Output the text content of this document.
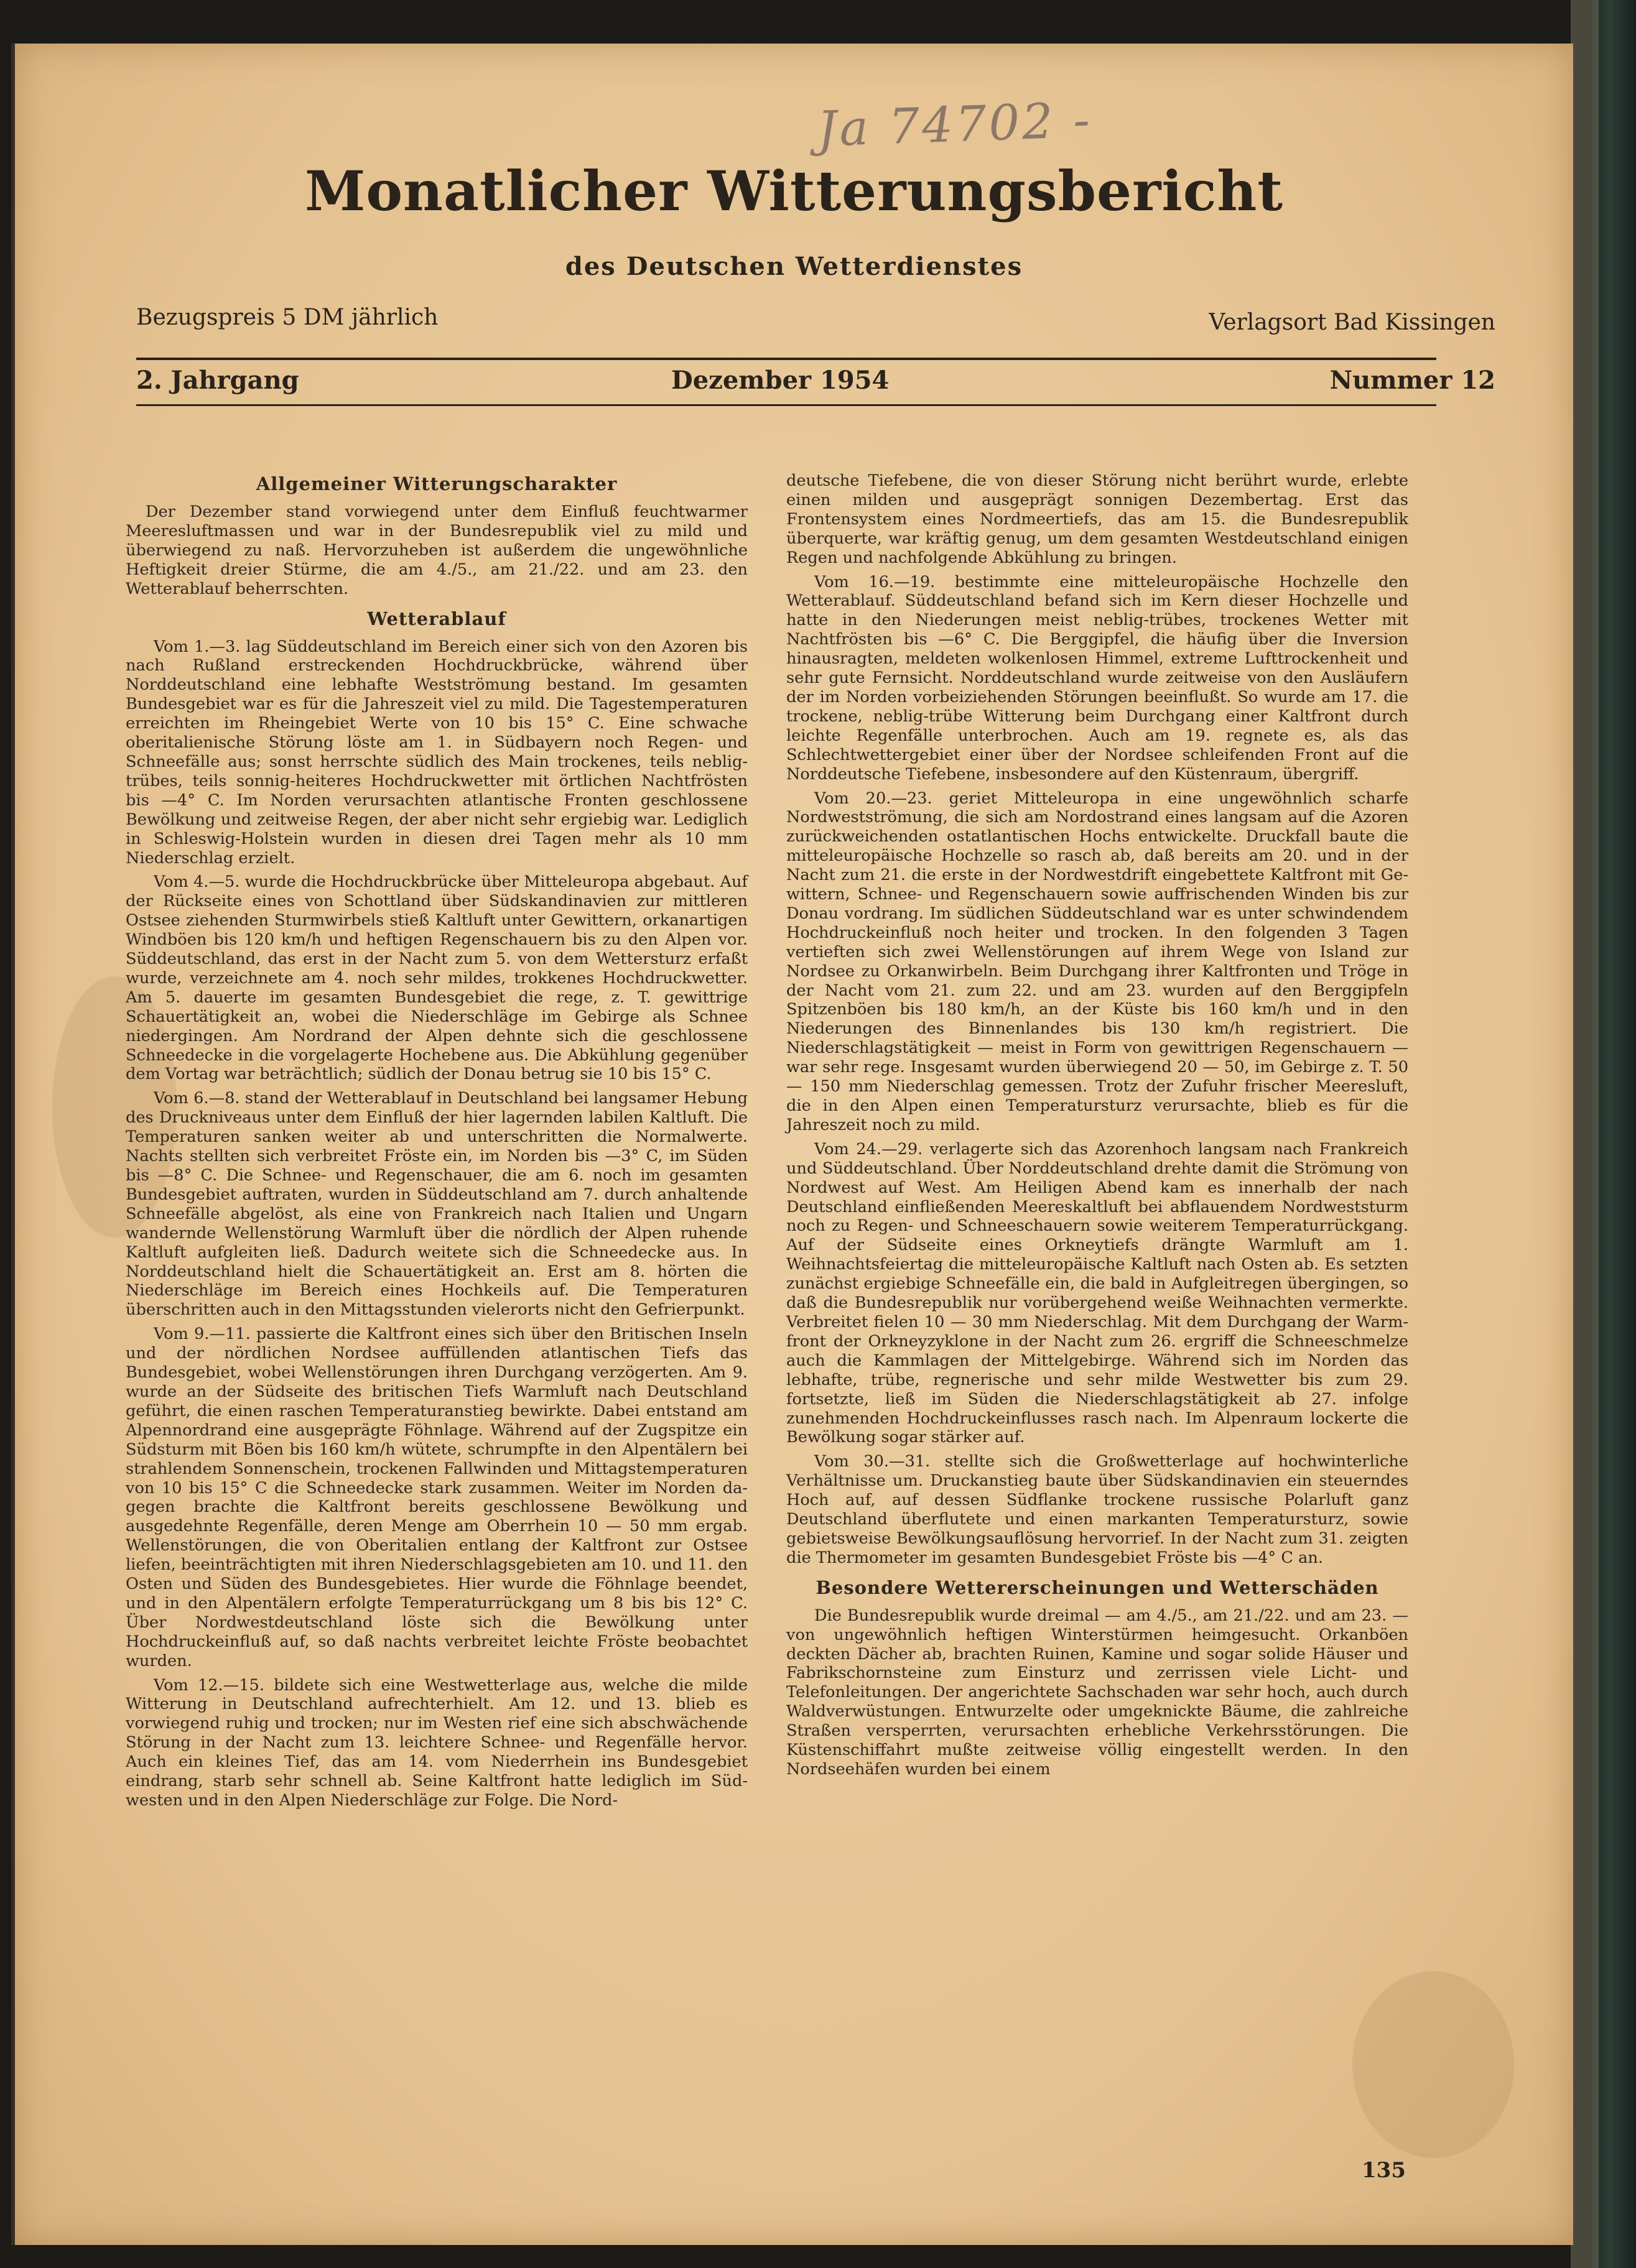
Ja 74702 -
Monatlicher Witterungsbericht
des Deutschen Wetterdienstes
Bezugspreis 5 DM jährlich	Verlagsort Bad Kissingen
2. Jahrgang	Dezember 1954	Nummer 12
Allgemeiner Witterungscharakter

Der Dezember stand vorwiegend unter dem Einfluß feuchtwarmer Meeresluftmassen und war in der Bundesrepublik viel zu mild und überwiegend zu naß. Hervorzuheben ist außerdem die ungewöhnliche Heftigkeit dreier Stürme, die am 4./5., am 21./22. und am 23. den Wetterablauf beherrschten.

Wetterablauf

Vom 1.—3. lag Süddeutschland im Bereich einer sich von den Azoren bis nach Rußland erstreckenden Hochdruckbrücke, während über Norddeutschland eine lebhafte Westströmung bestand. Im gesamten Bundesgebiet war es für die Jahreszeit viel zu mild. Die Tagestemperaturen erreichten im Rheingebiet Werte von 10 bis 15° C. Eine schwache oberitalienische Störung löste am 1. in Südbayern noch Regen- und Schneefälle aus; sonst herrschte südlich des Main trockenes, teils neblig-trübes, teils sonnig-heiteres Hochdruckwetter mit örtlichen Nachtfrösten bis —4° C. Im Norden verursachten atlantische Fronten geschlossene Bewölkung und zeitweise Regen, der aber nicht sehr ergiebig war. Lediglich in Schleswig-Holstein wurden in diesen drei Tagen mehr als 10 mm Niederschlag erzielt.

Vom 4.—5. wurde die Hochdruckbrücke über Mitteleuropa abgebaut. Auf der Rückseite eines von Schottland über Südskandinavien zur mittleren Ostsee ziehenden Sturmwirbels stieß Kaltluft unter Gewittern, orkanartigen Windböen bis 120 km/h und heftigen Regenschauern bis zu den Alpen vor. Süddeutschland, das erst in der Nacht zum 5. von dem Wettersturz erfaßt wurde, verzeichnete am 4. noch sehr mildes, trokkenes Hochdruckwetter. Am 5. dauerte im gesamten Bundesgebiet die rege, z. T. gewittrige Schauertätigkeit an, wobei die Niederschläge im Gebirge als Schnee niedergingen. Am Nordrand der Alpen dehnte sich die geschlossene Schneedecke in die vorgelagerte Hochebene aus. Die Abkühlung gegenüber dem Vortag war beträchtlich; südlich der Donau betrug sie 10 bis 15° C.

Vom 6.—8. stand der Wetterablauf in Deutschland bei langsamer Hebung des Druckniveaus unter dem Einfluß der hier lagernden labilen Kaltluft. Die Temperaturen sanken weiter ab und unterschritten die Normalwerte. Nachts stellten sich verbreitet Fröste ein, im Norden bis —3° C, im Süden bis —8° C. Die Schnee- und Regenschauer, die am 6. noch im gesamten Bundesgebiet auftraten, wurden in Süddeutschland am 7. durch anhaltende Schneefälle abgelöst, als eine von Frankreich nach Italien und Ungarn wandernde Wellenstörung Warmluft über die nördlich der Alpen ruhende Kaltluft aufgleiten ließ. Dadurch weitete sich die Schneedecke aus. In Norddeutschland hielt die Schauertätigkeit an. Erst am 8. hörten die Niederschläge im Bereich eines Hochkeils auf. Die Temperaturen überschritten auch in den Mittagsstunden vielerorts nicht den Gefrierpunkt.

Vom 9.—11. passierte die Kaltfront eines sich über den Britischen Inseln und der nördlichen Nordsee auffüllenden atlantischen Tiefs das Bundesgebiet, wobei Wellenstörungen ihren Durchgang verzögerten. Am 9. wurde an der Südseite des britischen Tiefs Warmluft nach Deutschland geführt, die einen raschen Temperaturanstieg bewirkte. Dabei entstand am Alpennordrand eine ausgeprägte Föhnlage. Während auf der Zugspitze ein Südsturm mit Böen bis 160 km/h wütete, schrumpfte in den Alpentälern bei strahlendem Sonnenschein, trockenen Fallwinden und Mittagstemperaturen von 10 bis 15° C die Schneedecke stark zusammen. Weiter im Norden dagegen brachte die Kaltfront bereits geschlossene Bewölkung und ausgedehnte Regenfälle, deren Menge am Oberrhein 10 — 50 mm ergab. Wellenstörungen, die von Oberitalien entlang der Kaltfront zur Ostsee liefen, beeinträchtigten mit ihren Niederschlagsgebieten am 10. und 11. den Osten und Süden des Bundesgebietes. Hier wurde die Föhnlage beendet, und in den Alpentälern erfolgte Temperaturrückgang um 8 bis bis 12° C. Über Nordwestdeutschland löste sich die Bewölkung unter Hochdruckeinfluß auf, so daß nachts verbreitet leichte Fröste beobachtet wurden.

Vom 12.—15. bildete sich eine Westwetterlage aus, welche die milde Witterung in Deutschland aufrechterhielt. Am 12. und 13. blieb es vorwiegend ruhig und trocken; nur im Westen rief eine sich abschwächende Störung in der Nacht zum 13. leichtere Schnee- und Regenfälle hervor. Auch ein kleines Tief, das am 14. vom Niederrhein ins Bundesgebiet eindrang, starb sehr schnell ab. Seine Kaltfront hatte lediglich im Südwesten und in den Alpen Niederschläge zur Folge. Die Nord-

deutsche Tiefebene, die von dieser Störung nicht berührt wurde, erlebte einen milden und ausgeprägt sonnigen Dezembertag. Erst das Frontensystem eines Nordmeertiefs, das am 15. die Bundesrepublik überquerte, war kräftig genug, um dem gesamten Westdeutschland einigen Regen und nachfolgende Abkühlung zu bringen.

Vom 16.—19. bestimmte eine mitteleuropäische Hochzelle den Wetterablauf. Süddeutschland befand sich im Kern dieser Hochzelle und hatte in den Niederungen meist neblig-trübes, trockenes Wetter mit Nachtfrösten bis —6° C. Die Berggipfel, die häufig über die Inversion hinausragten, meldeten wolkenlosen Himmel, extreme Lufttrockenheit und sehr gute Fernsicht. Norddeutschland wurde zeitweise von den Ausläufern der im Norden vorbeiziehenden Störungen beeinflußt. So wurde am 17. die trockene, neblig-trübe Witterung beim Durchgang einer Kaltfront durch leichte Regenfälle unterbrochen. Auch am 19. regnete es, als das Schlechtwettergebiet einer über der Nordsee schleifenden Front auf die Norddeutsche Tiefebene, insbesondere auf den Küstenraum, übergriff.

Vom 20.—23. geriet Mitteleuropa in eine ungewöhnlich scharfe Nordwestströmung, die sich am Nordostrand eines langsam auf die Azoren zurückweichenden ostatlantischen Hochs entwickelte. Druckfall baute die mitteleuropäische Hochzelle so rasch ab, daß bereits am 20. und in der Nacht zum 21. die erste in der Nordwestdrift eingebettete Kaltfront mit Gewittern, Schnee- und Regenschauern sowie auffrischenden Winden bis zur Donau vordrang. Im südlichen Süddeutschland war es unter schwindendem Hochdruckeinfluß noch heiter und trocken. In den folgenden 3 Tagen vertieften sich zwei Wellenstörungen auf ihrem Wege von Island zur Nordsee zu Orkanwirbeln. Beim Durchgang ihrer Kaltfronten und Tröge in der Nacht vom 21. zum 22. und am 23. wurden auf den Berggipfeln Spitzenböen bis 180 km/h, an der Küste bis 160 km/h und in den Niederungen des Binnenlandes bis 130 km/h registriert. Die Niederschlagstätigkeit — meist in Form von gewittrigen Regenschauern — war sehr rege. Insgesamt wurden überwiegend 20 — 50, im Gebirge z. T. 50 — 150 mm Niederschlag gemessen. Trotz der Zufuhr frischer Meeresluft, die in den Alpen einen Temperatursturz verursachte, blieb es für die Jahreszeit noch zu mild.

Vom 24.—29. verlagerte sich das Azorenhoch langsam nach Frankreich und Süddeutschland. Über Norddeutschland drehte damit die Strömung von Nordwest auf West. Am Heiligen Abend kam es innerhalb der nach Deutschland einfließenden Meereskaltluft bei abflauendem Nordweststurm noch zu Regen- und Schneeschauern sowie weiterem Temperaturrückgang. Auf der Südseite eines Orkneytiefs drängte Warmluft am 1. Weihnachtsfeiertag die mitteleuropäische Kaltluft nach Osten ab. Es setzten zunächst ergiebige Schneefälle ein, die bald in Aufgleitregen übergingen, so daß die Bundesrepublik nur vorübergehend weiße Weihnachten vermerkte. Verbreitet fielen 10 — 30 mm Niederschlag. Mit dem Durchgang der Warmfront der Orkneyzyklone in der Nacht zum 26. ergriff die Schneeschmelze auch die Kammlagen der Mittelgebirge. Während sich im Norden das lebhafte, trübe, regnerische und sehr milde Westwetter bis zum 29. fortsetzte, ließ im Süden die Niederschlagstätigkeit ab 27. infolge zunehmenden Hochdruckeinflusses rasch nach. Im Alpenraum lockerte die Bewölkung sogar stärker auf.

Vom 30.—31. stellte sich die Großwetterlage auf hochwinterliche Verhältnisse um. Druckanstieg baute über Südskandinavien ein steuerndes Hoch auf, auf dessen Südflanke trockene russische Polarluft ganz Deutschland überflutete und einen markanten Temperatursturz, sowie gebietsweise Bewölkungsauflösung hervorrief. In der Nacht zum 31. zeigten die Thermometer im gesamten Bundesgebiet Fröste bis —4° C an.

Besondere Wettererscheinungen und Wetterschäden

Die Bundesrepublik wurde dreimal — am 4./5., am 21./22. und am 23. — von ungewöhnlich heftigen Winterstürmen heimgesucht. Orkanböen deckten Dächer ab, brachten Ruinen, Kamine und sogar solide Häuser und Fabrikschornsteine zum Einsturz und zerrissen viele Licht- und Telefonleitungen. Der angerichtete Sachschaden war sehr hoch, auch durch Waldverwüstungen. Entwurzelte oder umgeknickte Bäume, die zahlreiche Straßen versperrten, verursachten erhebliche Verkehrsstörungen. Die Küstenschiffahrt mußte zeitweise völlig eingestellt werden. In den Nordseehäfen wurden bei einem

135
